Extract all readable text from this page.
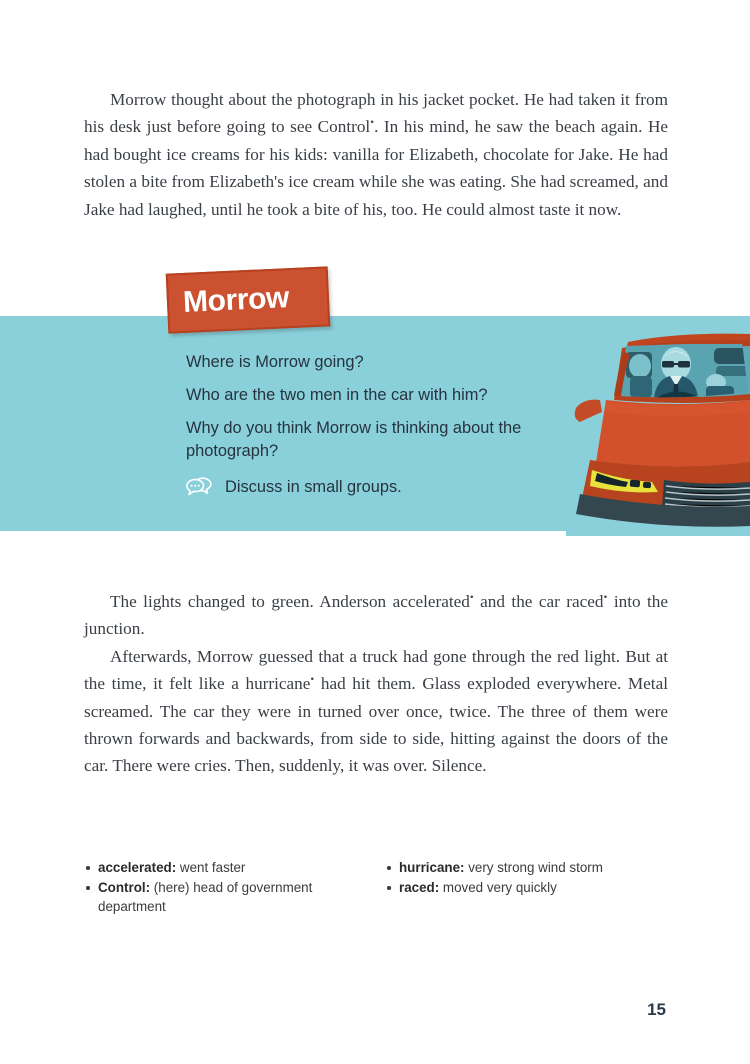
Morrow thought about the photograph in his jacket pocket. He had taken it from his desk just before going to see Control•. In his mind, he saw the beach again. He had bought ice creams for his kids: vanilla for Elizabeth, chocolate for Jake. He had stolen a bite from Elizabeth's ice cream while she was eating. She had screamed, and Jake had laughed, until he took a bite of his, too. He could almost taste it now.

Morrow

Where is Morrow going?

Who are the two men in the car with him?

Why do you think Morrow is thinking about the photograph?

Discuss in small groups.

The lights changed to green. Anderson accelerated• and the car raced• into the junction.

Afterwards, Morrow guessed that a truck had gone through the red light. But at the time, it felt like a hurricane• had hit them. Glass exploded everywhere. Metal screamed. The car they were in turned over once, twice. The three of them were thrown forwards and backwards, from side to side, hitting against the doors of the car. There were cries. Then, suddenly, it was over. Silence.

accelerated: went faster
Control: (here) head of government department
hurricane: very strong wind storm
raced: moved very quickly
15
